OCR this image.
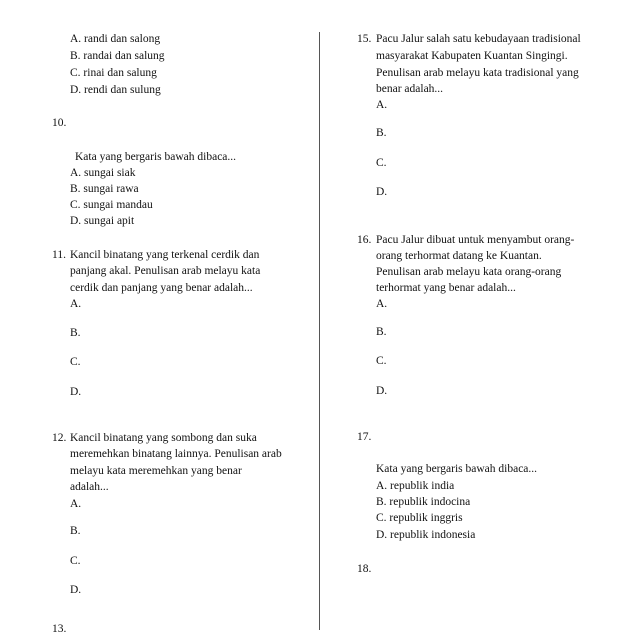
A. randi dan salong
B. randai dan salung
C. rinai dan salung
D. rendi dan sulung
10.
Kata yang bergaris bawah dibaca...
A. sungai siak
B. sungai rawa
C. sungai mandau
D. sungai apit
11. Kancil binatang yang terkenal cerdik dan
panjang akal. Penulisan arab melayu kata
cerdik dan panjang yang benar adalah...
A.
B.
C.
D.
12. Kancil binatang yang sombong dan suka
meremehkan binatang lainnya. Penulisan arab
melayu kata meremehkan yang benar
adalah...
A.
B.
C.
D.
13.
15. Pacu Jalur salah satu kebudayaan tradisional
masyarakat Kabupaten Kuantan Singingi.
Penulisan arab melayu kata tradisional yang
benar adalah...
A.
B.
C.
D.
16. Pacu Jalur dibuat untuk menyambut orang-
orang terhormat datang ke Kuantan.
Penulisan arab melayu kata orang-orang
terhormat yang benar adalah...
A.
B.
C.
D.
17.
Kata yang bergaris bawah dibaca...
A. republik india
B. republik indocina
C. republik inggris
D. republik indonesia
18.
